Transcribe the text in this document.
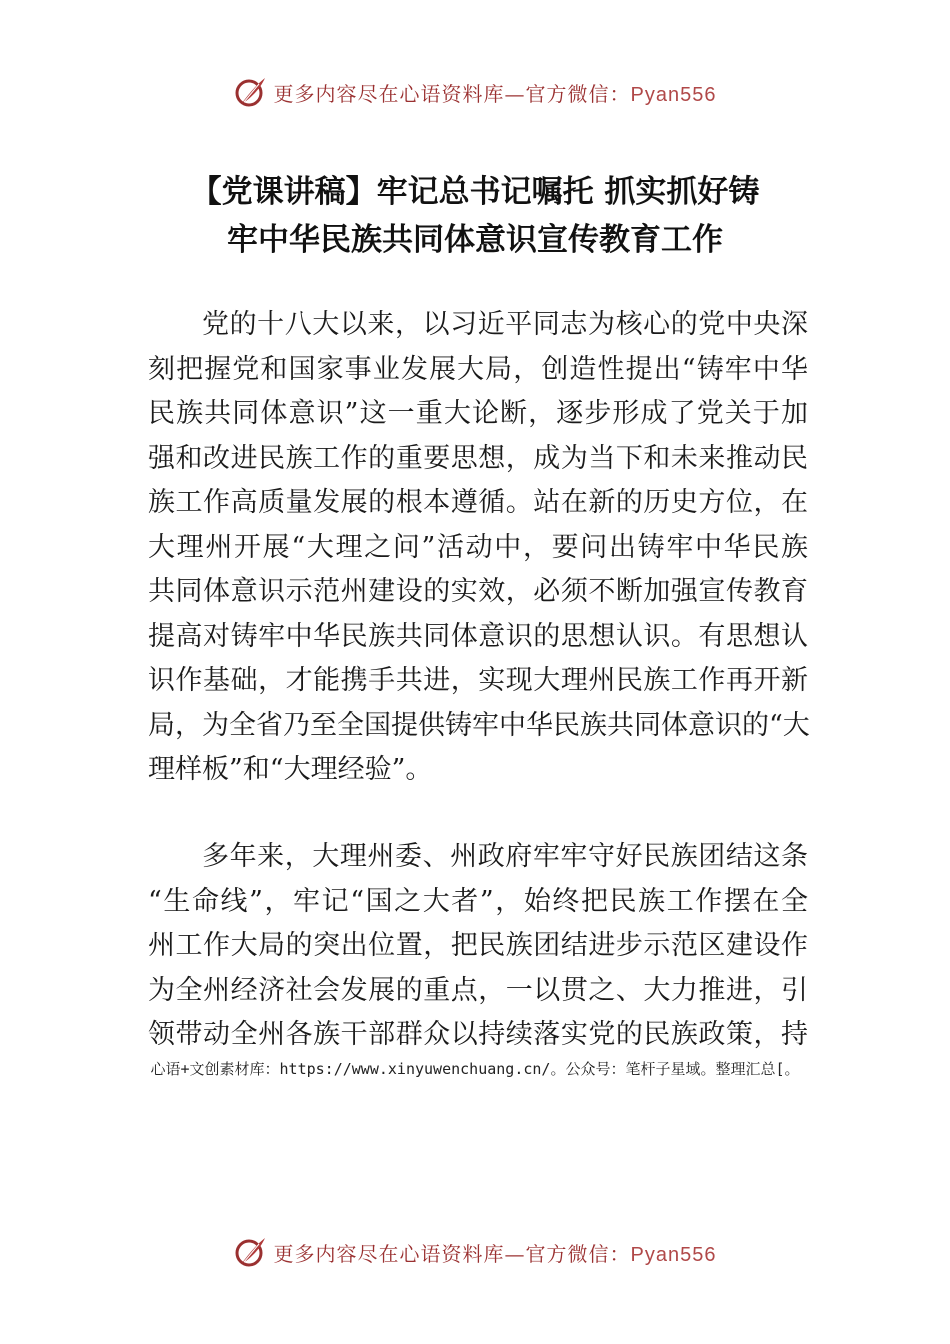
更多内容尽在心语资料库—官方微信：Pyan556
【党课讲稿】牢记总书记嘱托 抓实抓好铸
牢中华民族共同体意识宣传教育工作
党的十八大以来，以习近平同志为核心的党中央深
刻把握党和国家事业发展大局，创造性提出“铸牢中华
民族共同体意识”这一重大论断，逐步形成了党关于加
强和改进民族工作的重要思想，成为当下和未来推动民
族工作高质量发展的根本遵循。站在新的历史方位，在
大理州开展“大理之问”活动中，要问出铸牢中华民族
共同体意识示范州建设的实效，必须不断加强宣传教育
提高对铸牢中华民族共同体意识的思想认识。有思想认
识作基础，才能携手共进，实现大理州民族工作再开新
局，为全省乃至全国提供铸牢中华民族共同体意识的“大
理样板”和“大理经验”。
多年来，大理州委、州政府牢牢守好民族团结这条
“生命线”，牢记“国之大者”，始终把民族工作摆在全
州工作大局的突出位置，把民族团结进步示范区建设作
为全州经济社会发展的重点，一以贯之、大力推进，引
领带动全州各族干部群众以持续落实党的民族政策，持
心语+文创素材库：https://www.xinyuwenchuang.cn/。公众号：笔杆子星域。整理汇总[。
更多内容尽在心语资料库—官方微信：Pyan556
